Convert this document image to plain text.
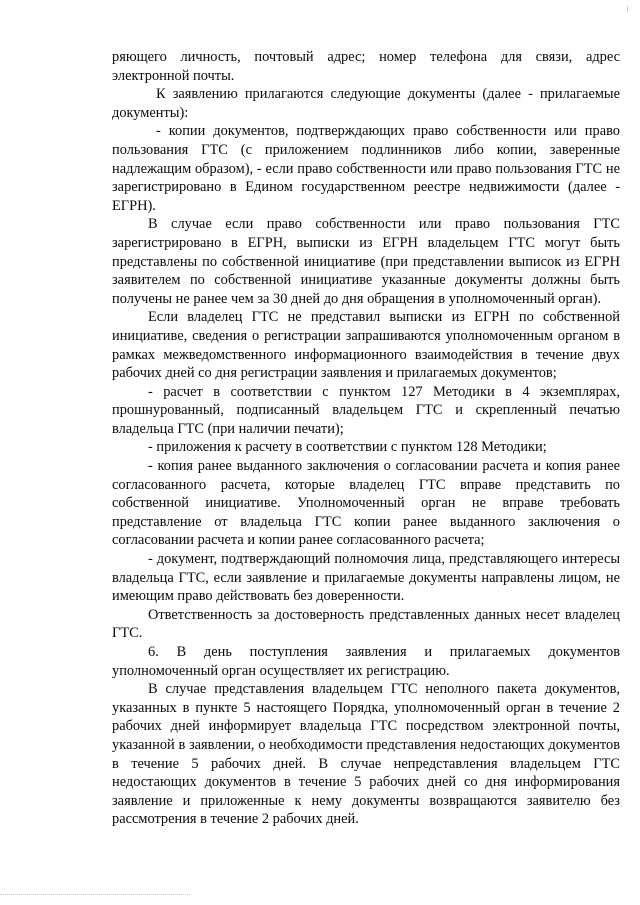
ряющего личность, почтовый адрес; номер телефона для связи, адрес электронной почты.

К заявлению прилагаются следующие документы (далее - прилагаемые документы):

- копии документов, подтверждающих право собственности или право пользования ГТС (с приложением подлинников либо копии, заверенные надлежащим образом), - если право собственности или право пользования ГТС не зарегистрировано в Едином государственном реестре недвижимости (далее - ЕГРН).

В случае если право собственности или право пользования ГТС зарегистрировано в ЕГРН, выписки из ЕГРН владельцем ГТС могут быть представлены по собственной инициативе (при представлении выписок из ЕГРН заявителем по собственной инициативе указанные документы должны быть получены не ранее чем за 30 дней до дня обращения в уполномоченный орган).

Если владелец ГТС не представил выписки из ЕГРН по собственной инициативе, сведения о регистрации запрашиваются уполномоченным органом в рамках межведомственного информационного взаимодействия в течение двух рабочих дней со дня регистрации заявления и прилагаемых документов;

- расчет в соответствии с пунктом 127 Методики в 4 экземплярах, прошнурованный, подписанный владельцем ГТС и скрепленный печатью владельца ГТС (при наличии печати);

- приложения к расчету в соответствии с пунктом 128 Методики;

- копия ранее выданного заключения о согласовании расчета и копия ранее согласованного расчета, которые владелец ГТС вправе представить по собственной инициативе. Уполномоченный орган не вправе требовать представление от владельца ГТС копии ранее выданного заключения о согласовании расчета и копии ранее согласованного расчета;

- документ, подтверждающий полномочия лица, представляющего интересы владельца ГТС, если заявление и прилагаемые документы направлены лицом, не имеющим право действовать без доверенности.

Ответственность за достоверность представленных данных несет владелец ГТС.

6. В день поступления заявления и прилагаемых документов уполномоченный орган осуществляет их регистрацию.

В случае представления владельцем ГТС неполного пакета документов, указанных в пункте 5 настоящего Порядка, уполномоченный орган в течение 2 рабочих дней информирует владельца ГТС посредством электронной почты, указанной в заявлении, о необходимости представления недостающих документов в течение 5 рабочих дней. В случае непредставления владельцем ГТС недостающих документов в течение 5 рабочих дней со дня информирования заявление и приложенные к нему документы возвращаются заявителю без рассмотрения в течение 2 рабочих дней.
